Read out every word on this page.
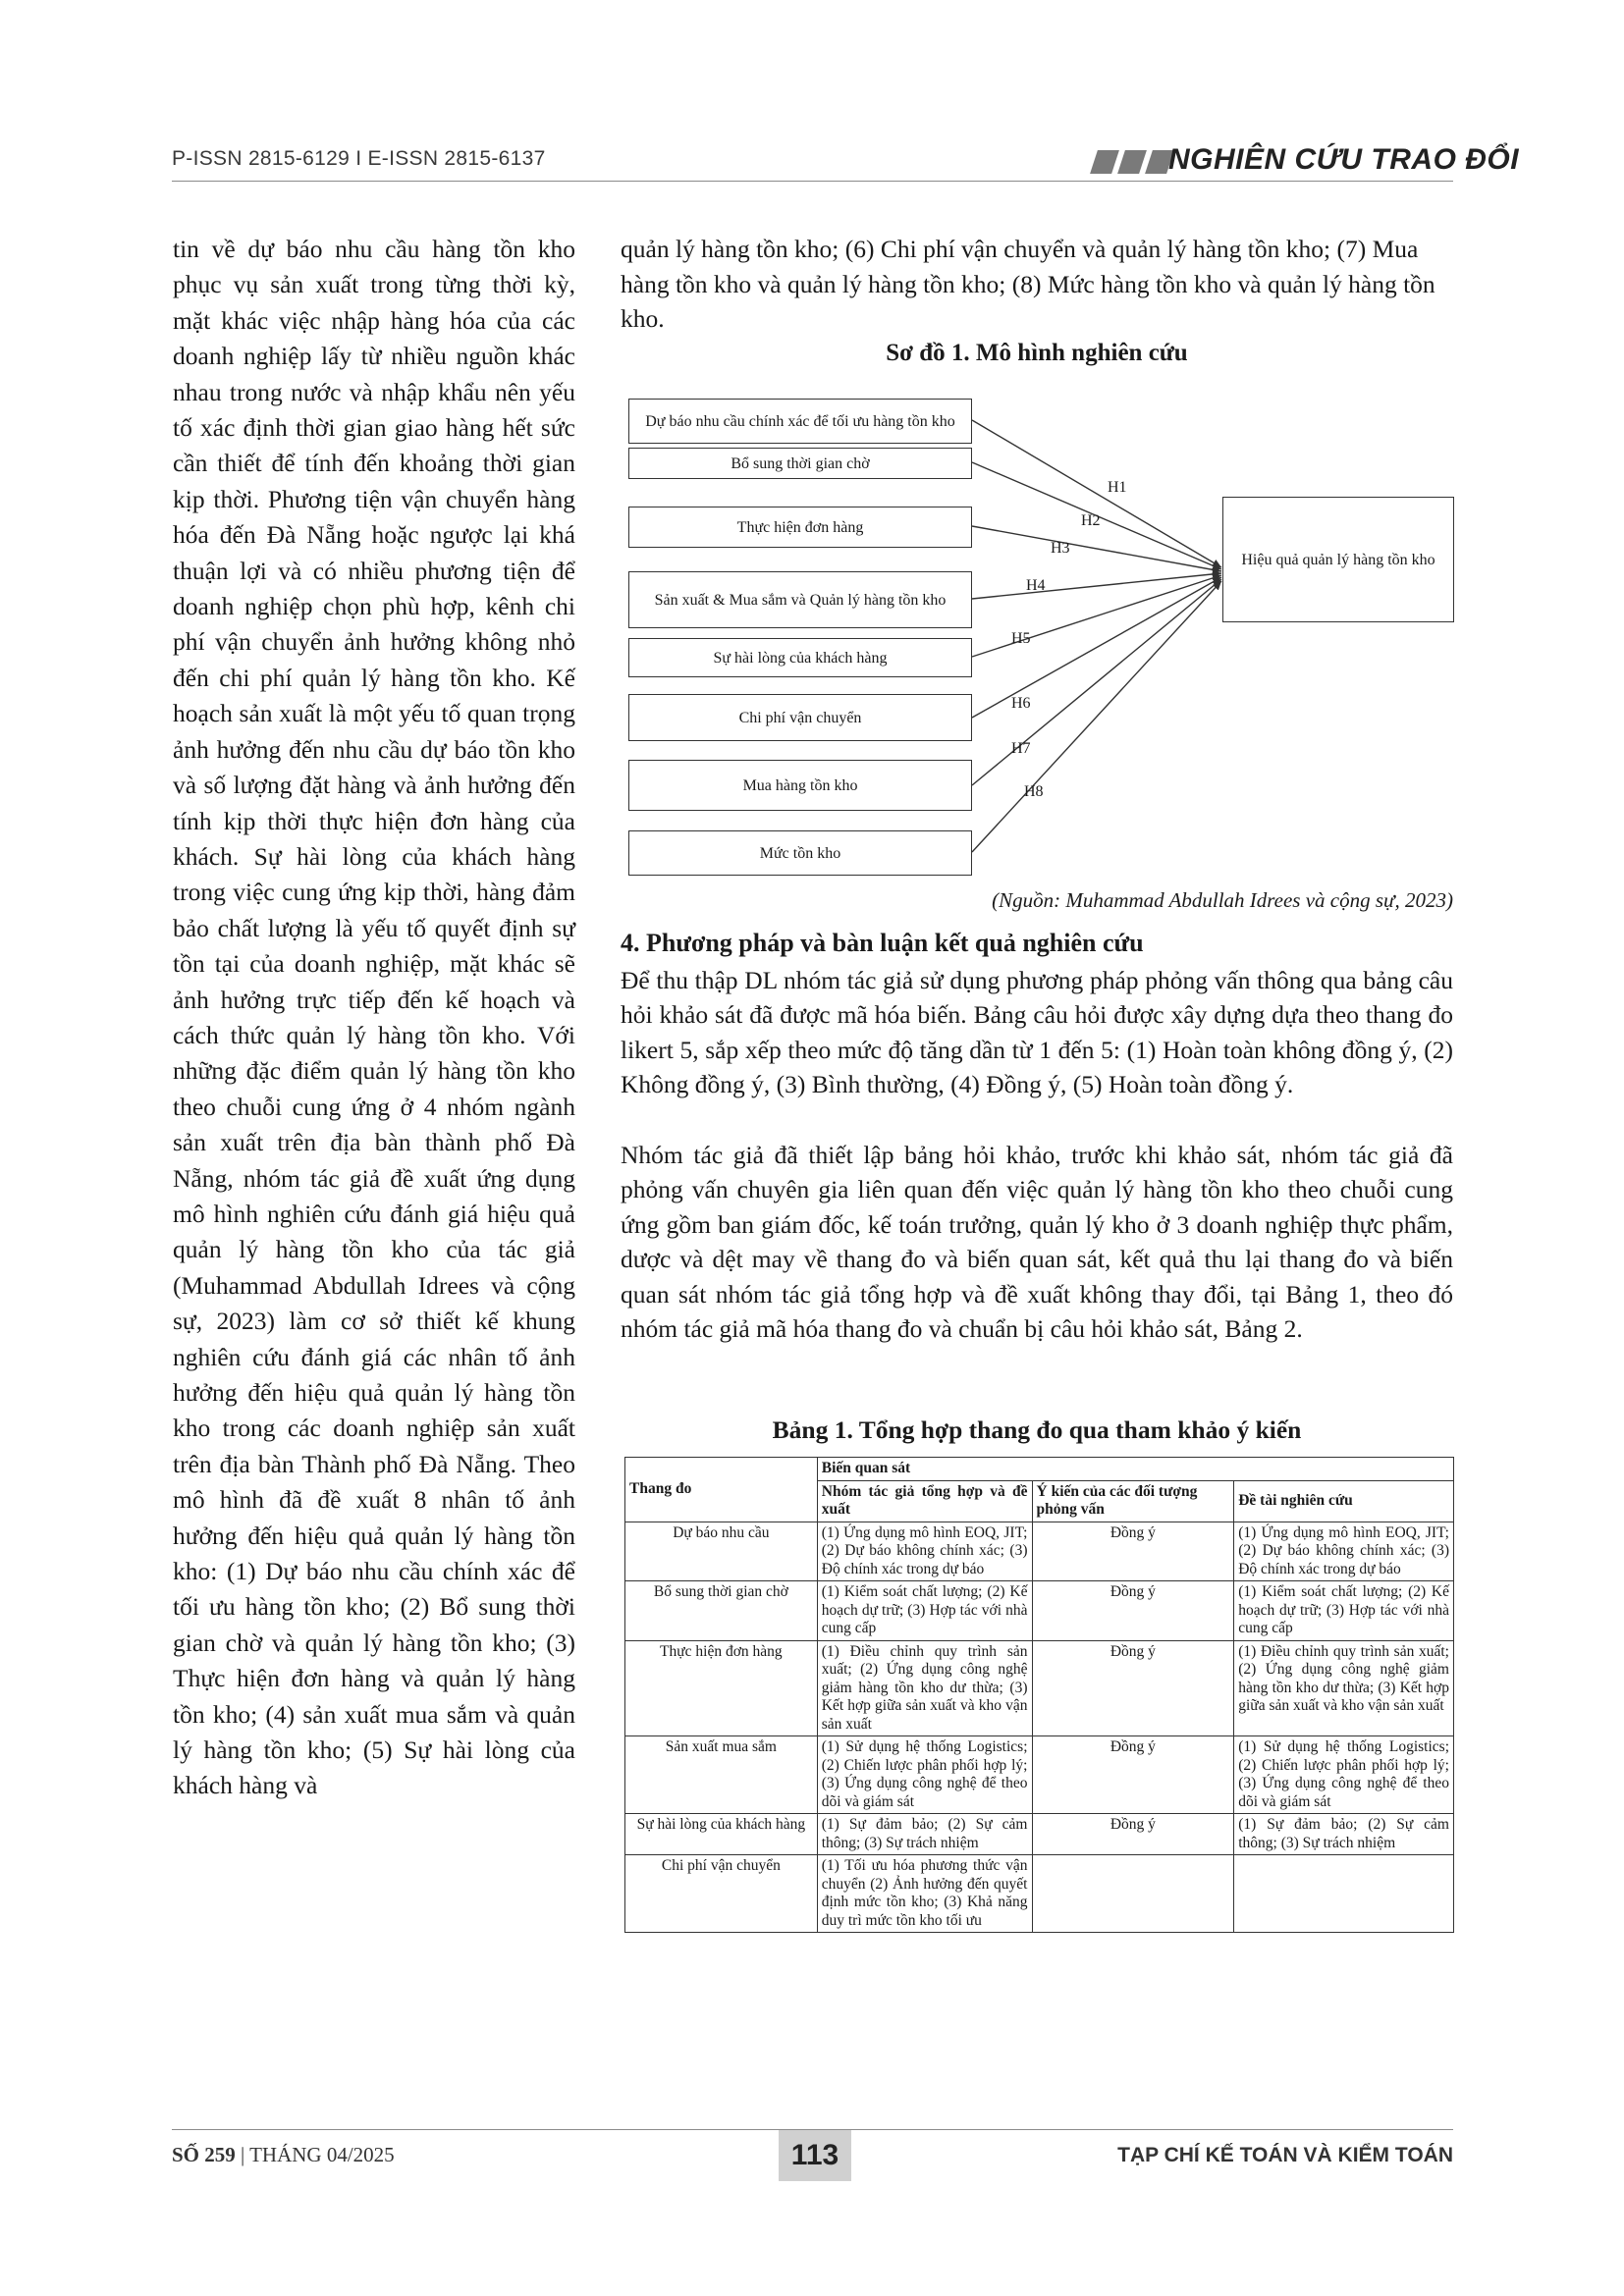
P-ISSN 2815-6129 I E-ISSN 2815-6137	NGHIÊN CỨU TRAO ĐỔI
tin về dự báo nhu cầu hàng tồn kho phục vụ sản xuất trong từng thời kỳ, mặt khác việc nhập hàng hóa của các doanh nghiệp lấy từ nhiều nguồn khác nhau trong nước và nhập khẩu nên yếu tố xác định thời gian giao hàng hết sức cần thiết để tính đến khoảng thời gian kịp thời. Phương tiện vận chuyển hàng hóa đến Đà Nẵng hoặc ngược lại khá thuận lợi và có nhiều phương tiện để doanh nghiệp chọn phù hợp, kênh chi phí vận chuyển ảnh hưởng không nhỏ đến chi phí quản lý hàng tồn kho. Kế hoạch sản xuất là một yếu tố quan trọng ảnh hưởng đến nhu cầu dự báo tồn kho và số lượng đặt hàng và ảnh hưởng đến tính kịp thời thực hiện đơn hàng của khách. Sự hài lòng của khách hàng trong việc cung ứng kịp thời, hàng đảm bảo chất lượng là yếu tố quyết định sự tồn tại của doanh nghiệp, mặt khác sẽ ảnh hưởng trực tiếp đến kế hoạch và cách thức quản lý hàng tồn kho. Với những đặc điểm quản lý hàng tồn kho theo chuỗi cung ứng ở 4 nhóm ngành sản xuất trên địa bàn thành phố Đà Nẵng, nhóm tác giả đề xuất ứng dụng mô hình nghiên cứu đánh giá hiệu quả quản lý hàng tồn kho của tác giả (Muhammad Abdullah Idrees và cộng sự, 2023) làm cơ sở thiết kế khung nghiên cứu đánh giá các nhân tố ảnh hưởng đến hiệu quả quản lý hàng tồn kho trong các doanh nghiệp sản xuất trên địa bàn Thành phố Đà Nẵng. Theo mô hình đã đề xuất 8 nhân tố ảnh hưởng đến hiệu quả quản lý hàng tồn kho: (1) Dự báo nhu cầu chính xác để tối ưu hàng tồn kho; (2) Bổ sung thời gian chờ và quản lý hàng tồn kho; (3) Thực hiện đơn hàng và quản lý hàng tồn kho; (4) sản xuất mua sắm và quản lý hàng tồn kho; (5) Sự hài lòng của khách hàng và
quản lý hàng tồn kho; (6) Chi phí vận chuyển và quản lý hàng tồn kho; (7) Mua hàng tồn kho và quản lý hàng tồn kho; (8) Mức hàng tồn kho và quản lý hàng tồn kho.
Sơ đồ 1. Mô hình nghiên cứu
Dự báo nhu cầu chính xác để tối ưu hàng tồn kho
Bổ sung thời gian chờ
Thực hiện đơn hàng
Sản xuất & Mua sắm và Quản lý hàng tồn kho
Sự hài lòng của khách hàng
Chi phí vận chuyển
Mua hàng tồn kho
Mức tồn kho
H1
H2
H3
H4
H5
H6
H7
H8
Hiệu quả quản lý hàng tồn kho
(Nguồn: Muhammad Abdullah Idrees và cộng sự, 2023)
4. Phương pháp và bàn luận kết quả nghiên cứu
Để thu thập DL nhóm tác giả sử dụng phương pháp phỏng vấn thông qua bảng câu hỏi khảo sát đã được mã hóa biến. Bảng câu hỏi được xây dựng dựa theo thang đo likert 5, sắp xếp theo mức độ tăng dần từ 1 đến 5: (1) Hoàn toàn không đồng ý, (2) Không đồng ý, (3) Bình thường, (4) Đồng ý, (5) Hoàn toàn đồng ý.
Nhóm tác giả đã thiết lập bảng hỏi khảo, trước khi khảo sát, nhóm tác giả đã phỏng vấn chuyên gia liên quan đến việc quản lý hàng tồn kho theo chuỗi cung ứng gồm ban giám đốc, kế toán trưởng, quản lý kho ở 3 doanh nghiệp thực phẩm, dược và dệt may về thang đo và biến quan sát, kết quả thu lại thang đo và biến quan sát nhóm tác giả tổng hợp và đề xuất không thay đổi, tại Bảng 1, theo đó nhóm tác giả mã hóa thang đo và chuẩn bị câu hỏi khảo sát, Bảng 2.
Bảng 1. Tổng hợp thang đo qua tham khảo ý kiến
Thang đo	Biến quan sát		
	Nhóm tác giả tổng hợp và đề xuất	Ý kiến của các đối tượng phỏng vấn	Đề tài nghiên cứu
Dự báo nhu cầu	(1) Ứng dụng mô hình EOQ, JIT; (2) Dự báo không chính xác; (3) Độ chính xác trong dự báo	Đồng ý	(1) Ứng dụng mô hình EOQ, JIT; (2) Dự báo không chính xác; (3) Độ chính xác trong dự báo
Bổ sung thời gian chờ	(1) Kiểm soát chất lượng; (2) Kế hoạch dự trữ; (3) Hợp tác với nhà cung cấp	Đồng ý	(1) Kiểm soát chất lượng; (2) Kế hoạch dự trữ; (3) Hợp tác với nhà cung cấp
Thực hiện đơn hàng	(1) Điều chỉnh quy trình sản xuất; (2) Ứng dụng công nghệ giảm hàng tồn kho dư thừa; (3) Kết hợp giữa sản xuất và kho vận sản xuất	Đồng ý	(1) Điều chỉnh quy trình sản xuất; (2) Ứng dụng công nghệ giảm hàng tồn kho dư thừa; (3) Kết hợp giữa sản xuất và kho vận sản xuất
Sản xuất mua sắm	(1) Sử dụng hệ thống Logistics; (2) Chiến lược phân phối hợp lý; (3) Ứng dụng công nghệ để theo dõi và giám sát	Đồng ý	(1) Sử dụng hệ thống Logistics; (2) Chiến lược phân phối hợp lý; (3) Ứng dụng công nghệ để theo dõi và giám sát
Sự hài lòng của khách hàng	(1) Sự đảm bảo; (2) Sự cảm thông; (3) Sự trách nhiệm	Đồng ý	(1) Sự đảm bảo; (2) Sự cảm thông; (3) Sự trách nhiệm
Chi phí vận chuyển	(1) Tối ưu hóa phương thức vận chuyển (2) Ảnh hưởng đến quyết định mức tồn kho; (3) Khả năng duy trì mức tồn kho tối ưu		
SỐ 259 | THÁNG 04/2025	113	TẠP CHÍ KẾ TOÁN VÀ KIỂM TOÁN
